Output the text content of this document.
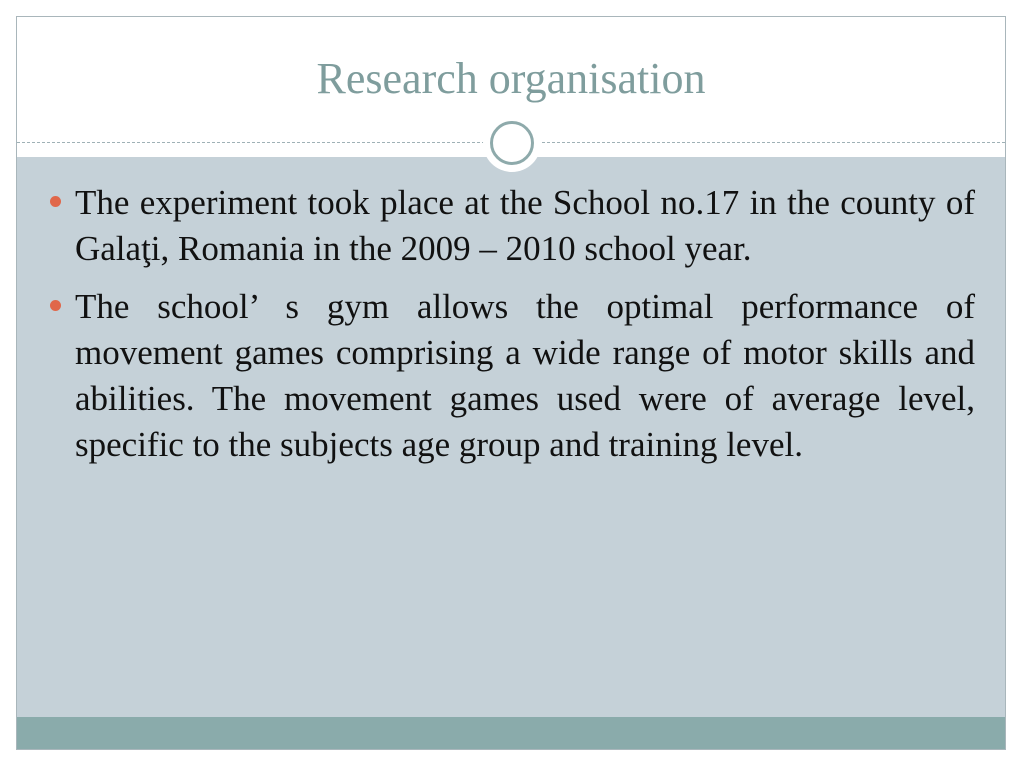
Research organisation
The experiment took place at the School no.17 in the county of Galaţi, Romania in the 2009 – 2010 school year.
The school’ s gym allows the optimal performance of movement games comprising a wide range of motor skills and abilities. The movement games used were of average level, specific to the subjects age group and training level.
